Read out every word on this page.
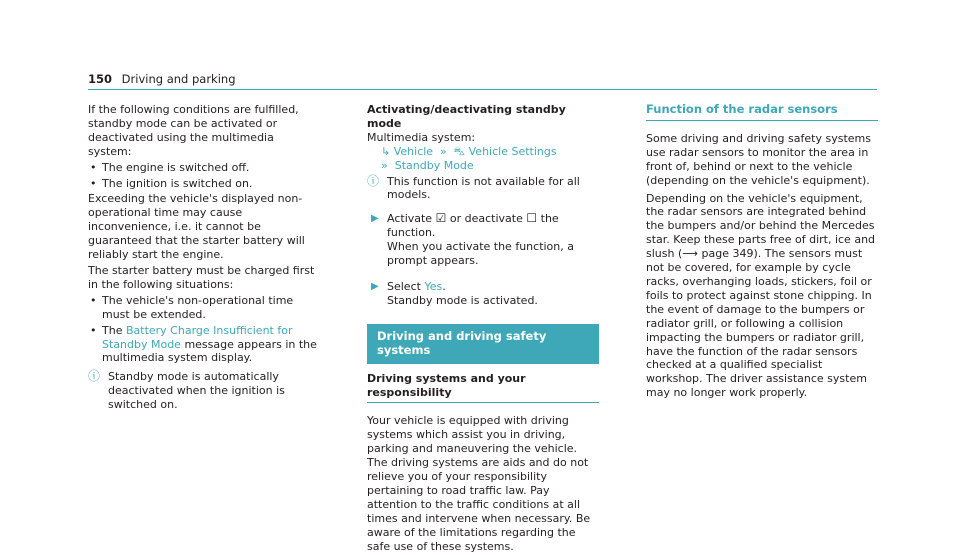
150 Driving and parking

If the following conditions are fulfilled, standby mode can be activated or deactivated using the multimedia system:

• The engine is switched off.
• The ignition is switched on.

Exceeding the vehicle's displayed non-operational time may cause inconvenience, i.e. it cannot be guaranteed that the starter battery will reliably start the engine.

The starter battery must be charged first in the following situations:

• The vehicle's non-operational time must be extended.
• The Battery Charge Insufficient for Standby Mode message appears in the multimedia system display.
ⓘ Standby mode is automatically deactivated when the ignition is switched on.

Activating/deactivating standby mode

Multimedia system:

↳ Vehicle  »  ⛍ Vehicle Settings
»  Standby Mode
ⓘ This function is not available for all models.
▶ Activate ☑ or deactivate ☐ the function.
When you activate the function, a prompt appears.
▶ Select Yes.
Standby mode is activated.
Driving and driving safety systems
Driving systems and your responsibility

Your vehicle is equipped with driving systems which assist you in driving, parking and maneuvering the vehicle. The driving systems are aids and do not relieve you of your responsibility pertaining to road traffic law. Pay attention to the traffic conditions at all times and intervene when necessary. Be aware of the limitations regarding the safe use of these systems.

Function of the radar sensors

Some driving and driving safety systems use radar sensors to monitor the area in front of, behind or next to the vehicle (depending on the vehicle's equipment).

Depending on the vehicle's equipment, the radar sensors are integrated behind the bumpers and/or behind the Mercedes star. Keep these parts free of dirt, ice and slush (⟶ page 349). The sensors must not be covered, for example by cycle racks, overhanging loads, stickers, foil or foils to protect against stone chipping. In the event of damage to the bumpers or radiator grill, or following a collision impacting the bumpers or radiator grill, have the function of the radar sensors checked at a qualified specialist workshop. The driver assistance system may no longer work properly.
